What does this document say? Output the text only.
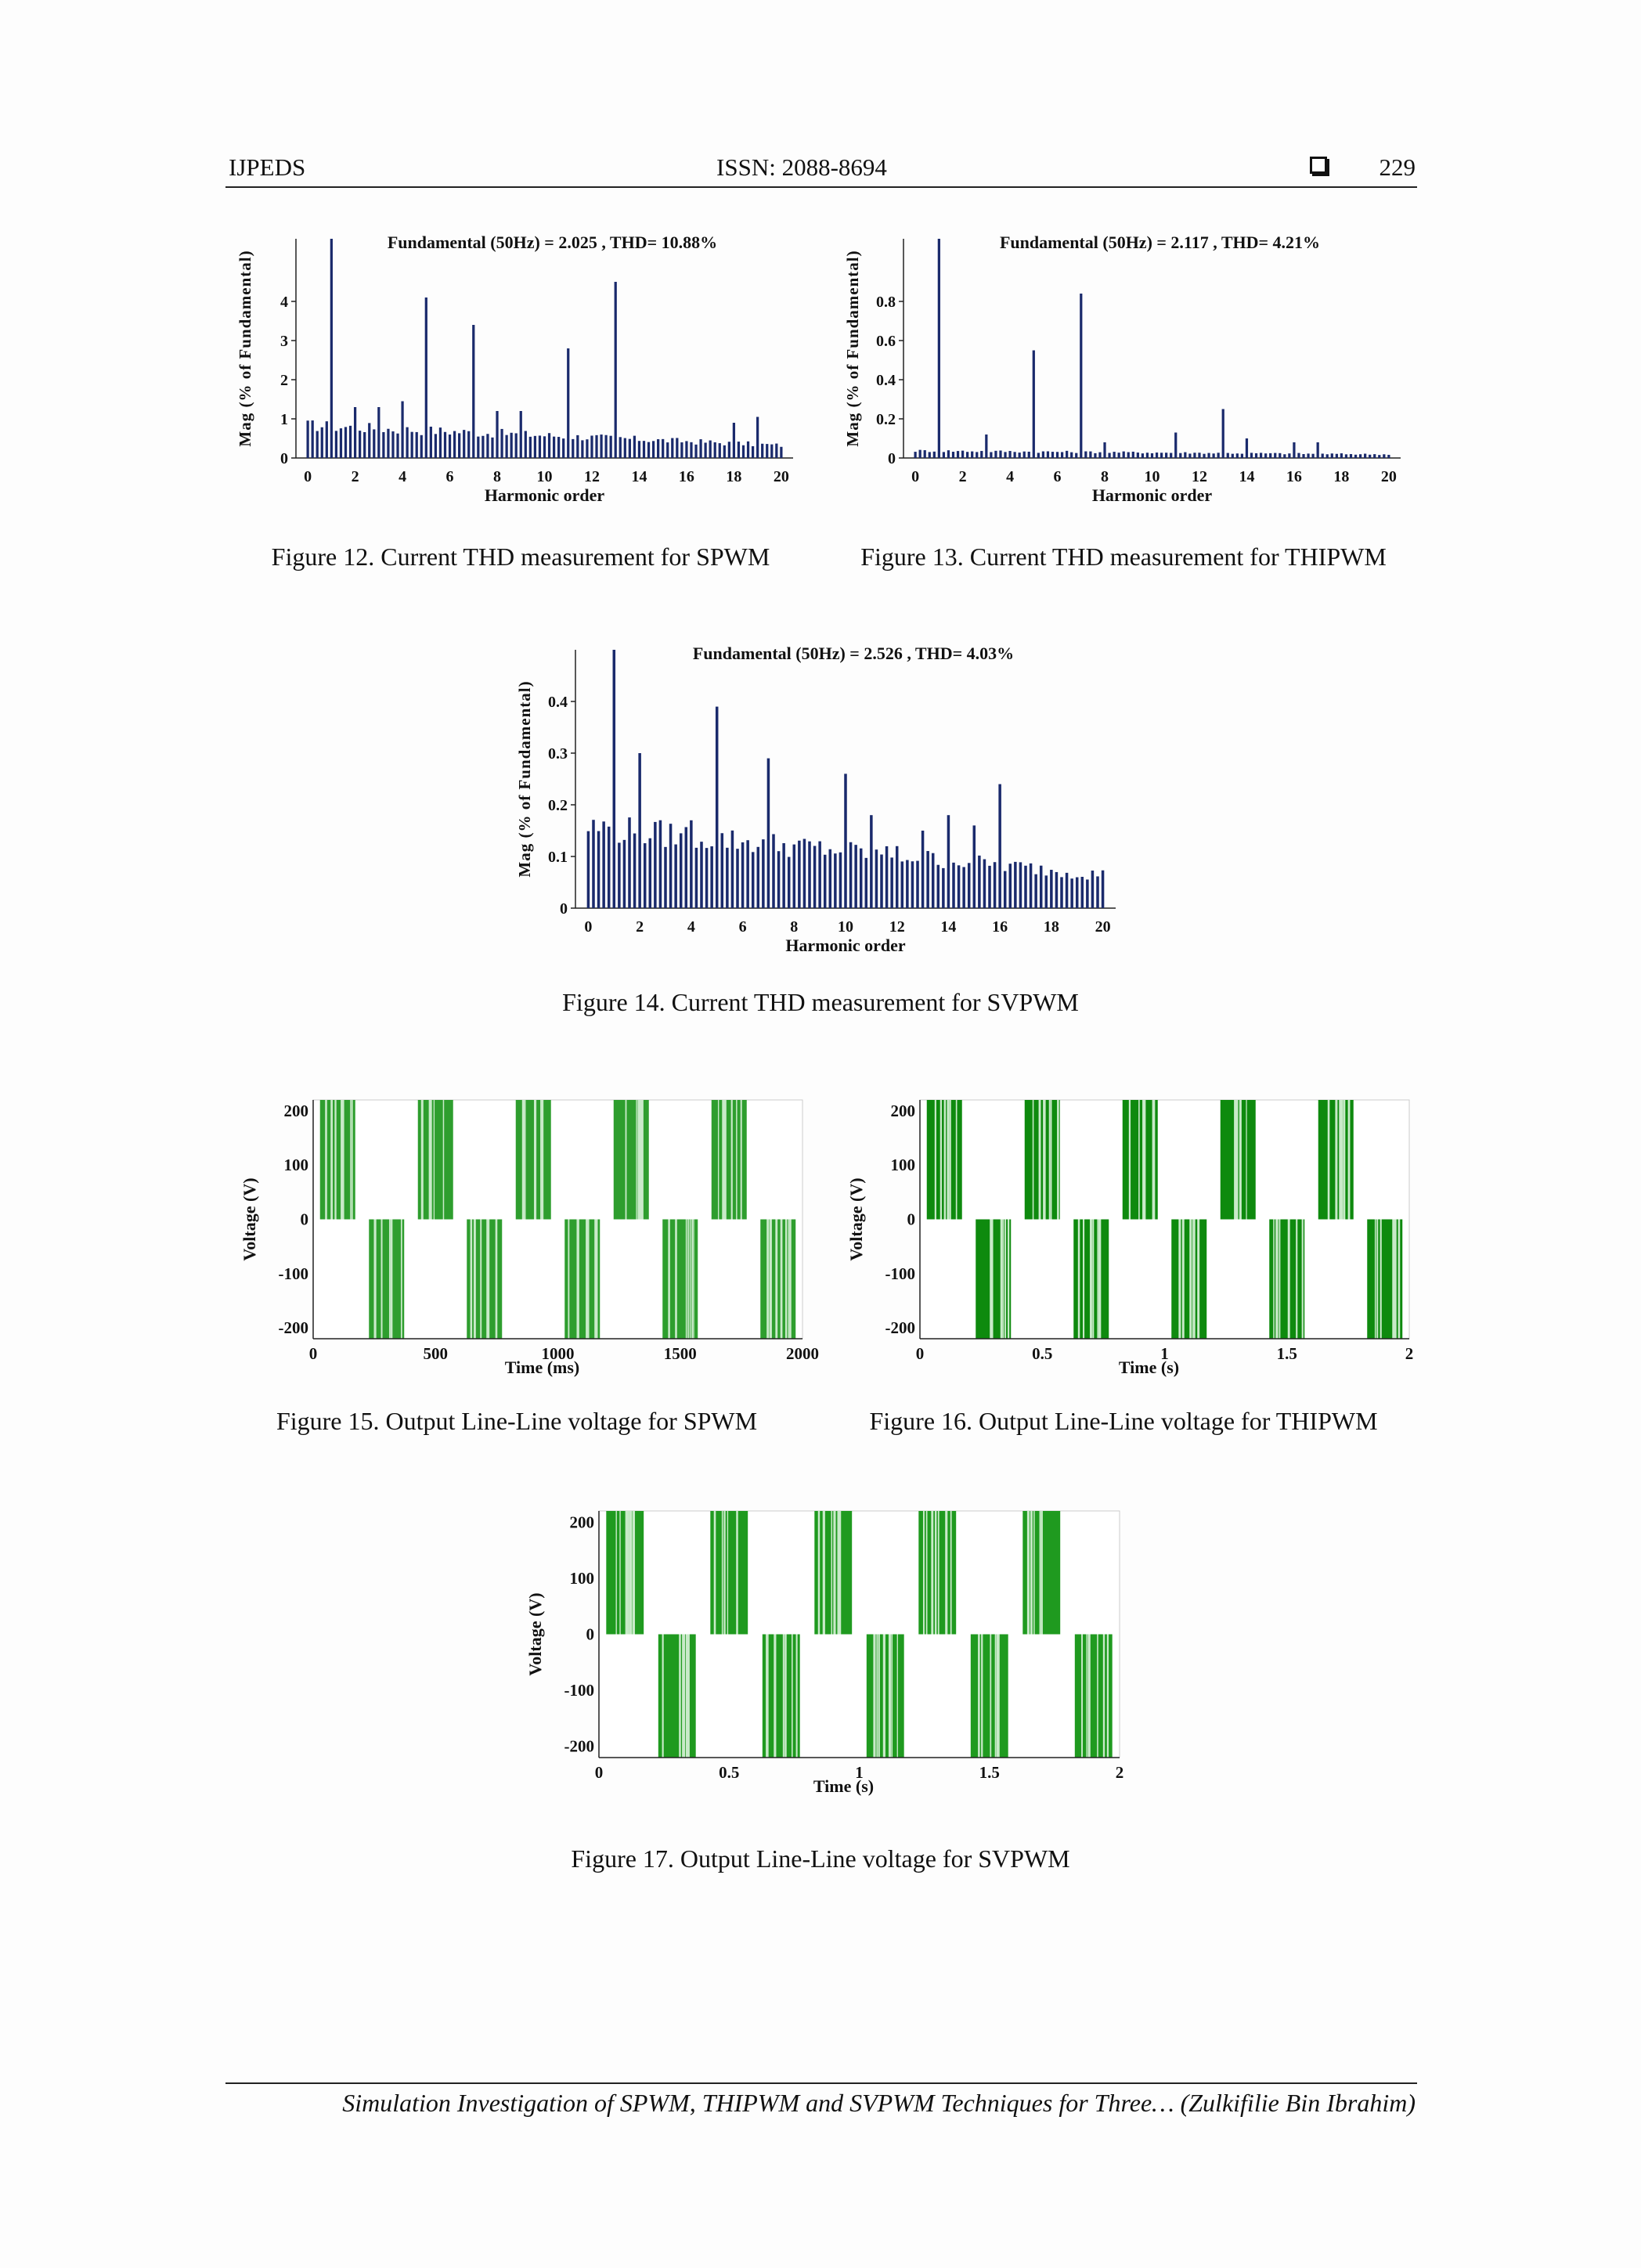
IJPEDS	ISSN: 2088-8694	229
Fundamental (50Hz) = 2.025 , THD= 10.88%
0
1
2
3
4
0	2	4	6	8 10 12 14 16 18 20
Harmonic order
Mag (% of Fundamental)
Fundamental (50Hz) = 2.117 , THD= 4.21%
0
0.2
0.4
0.6
0.8
0	2	4	6	8 10 12 14 16 18 20
Harmonic order
Mag (% of Fundamental)
Figure 12. Current THD measurement for SPWM	Figure 13. Current THD measurement for THIPWM
Fundamental (50Hz) = 2.526 , THD= 4.03%
0
0.1
0.2
0.3
0.4
0	2	4	6	8	10 12 14 16 18 20
Harmonic order
Mag (% of Fundamental)
Figure 14. Current THD measurement for SVPWM
200
100
0
-100
-200
0	500	1000	1500	2000
Time (ms)
Voltage (V)
200
100
0
-100
-200
0	0.5	1	1.5	2
Time (s)
Voltage (V)
Figure 15. Output Line-Line voltage for SPWM	Figure 16. Output Line-Line voltage for THIPWM
200
100
0
-100
-200
0	0.5	1	1.5	2
Time (s)
Voltage (V)
Figure 17. Output Line-Line voltage for SVPWM
Simulation Investigation of SPWM, THIPWM and SVPWM Techniques for Three… (Zulkifilie Bin Ibrahim)
